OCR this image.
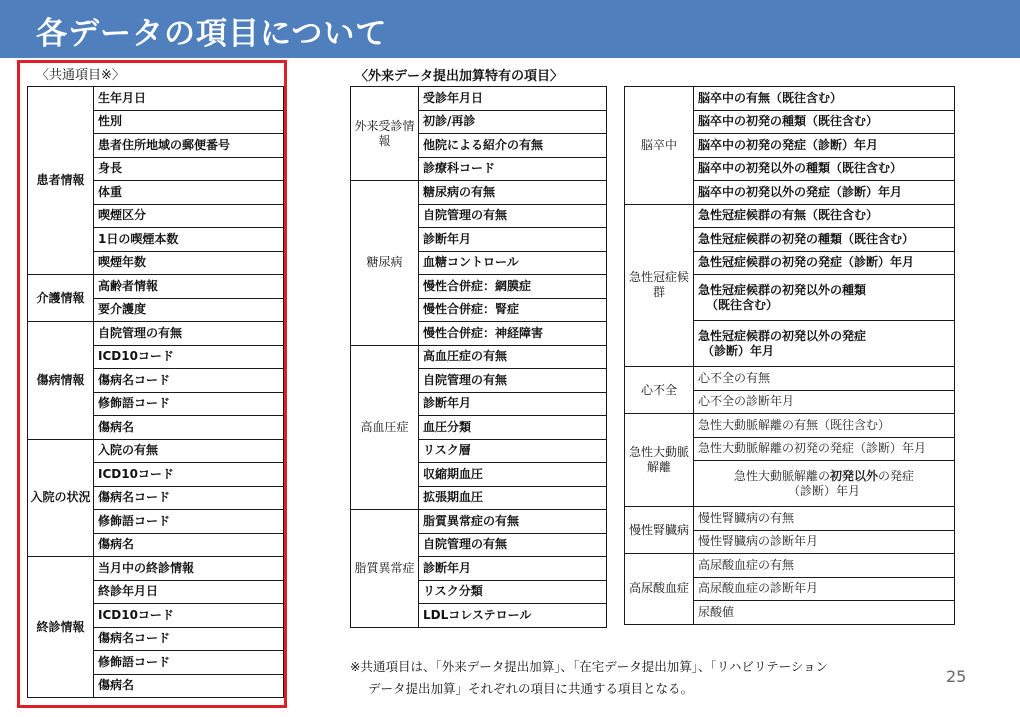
各データの項目について
〈共通項目※〉	〈外来データ提出加算特有の項目〉
患者情報	生年月日
	性別
	患者住所地域の郵便番号
	身長
	体重
	喫煙区分
	1日の喫煙本数
	喫煙年数
介護情報	高齢者情報
	要介護度
傷病情報	自院管理の有無
	ICD10コード
	傷病名コード
	修飾語コード
	傷病名
入院の状況	入院の有無
	ICD10コード
	傷病名コード
	修飾語コード
	傷病名
終診情報	当月中の終診情報
	終診年月日
	ICD10コード
	傷病名コード
	修飾語コード
	傷病名
外来受診情報	受診年月日
	初診/再診
	他院による紹介の有無
	診療科コード
糖尿病	糖尿病の有無
	自院管理の有無
	診断年月
	血糖コントロール
	慢性合併症：網膜症
	慢性合併症：腎症
	慢性合併症：神経障害
高血圧症	高血圧症の有無
	自院管理の有無
	診断年月
	血圧分類
	リスク層
	収縮期血圧
	拡張期血圧
脂質異常症	脂質異常症の有無
	自院管理の有無
	診断年月
	リスク分類
	LDLコレステロール
脳卒中	脳卒中の有無（既往含む）
	脳卒中の初発の種類（既往含む）
	脳卒中の初発の発症（診断）年月
	脳卒中の初発以外の種類（既往含む）
	脳卒中の初発以外の発症（診断）年月
急性冠症候群	急性冠症候群の有無（既往含む）
	急性冠症候群の初発の種類（既往含む）
	急性冠症候群の初発の発症（診断）年月
	急性冠症候群の初発以外の種類
（既往含む）
	急性冠症候群の初発以外の発症
（診断）年月
心不全	心不全の有無
	心不全の診断年月
急性大動脈解離	急性大動脈解離の有無（既往含む）
	急性大動脈解離の初発の発症（診断）年月
	急性大動脈解離の初発以外の発症
（診断）年月
慢性腎臓病	慢性腎臓病の有無
	慢性腎臓病の診断年月
高尿酸血症	高尿酸血症の有無
	高尿酸血症の診断年月
	尿酸値
※共通項目は、「外来データ提出加算」、「在宅データ提出加算」、「リハビリテーション
データ提出加算」それぞれの項目に共通する項目となる。
25
